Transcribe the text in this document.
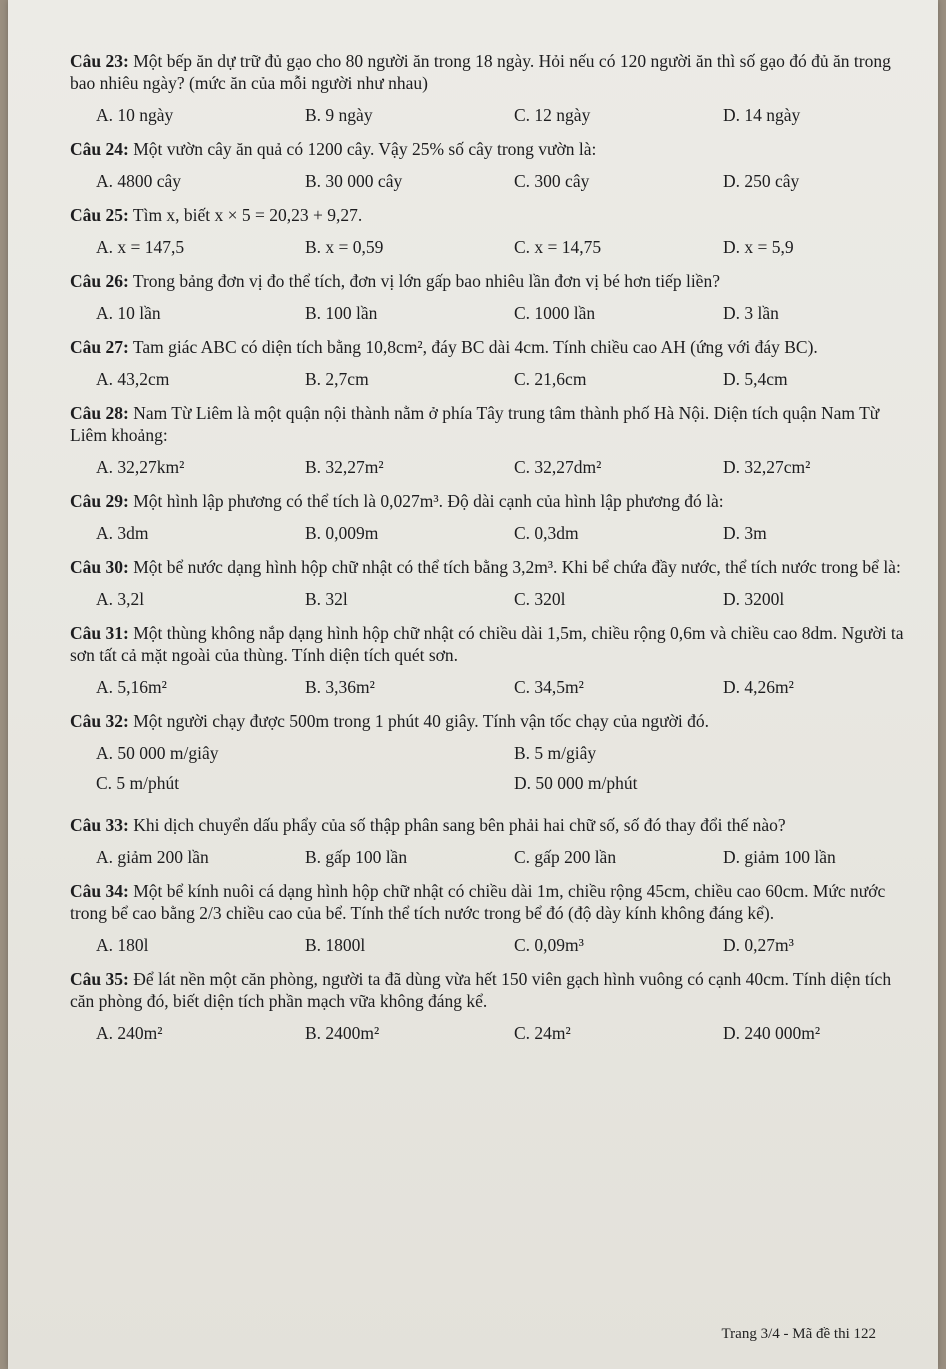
Câu 23: Một bếp ăn dự trữ đủ gạo cho 80 người ăn trong 18 ngày. Hỏi nếu có 120 người ăn thì số gạo đó đủ ăn trong bao nhiêu ngày? (mức ăn của mỗi người như nhau)
A. 10 ngày	B. 9 ngày	C. 12 ngày	D. 14 ngày
Câu 24: Một vườn cây ăn quả có 1200 cây. Vậy 25% số cây trong vườn là:
A. 4800 cây	B. 30 000 cây	C. 300 cây	D. 250 cây
Câu 25: Tìm x, biết x × 5 = 20,23 + 9,27.
A. x = 147,5	B. x = 0,59	C. x = 14,75	D. x = 5,9
Câu 26: Trong bảng đơn vị đo thể tích, đơn vị lớn gấp bao nhiêu lần đơn vị bé hơn tiếp liền?
A. 10 lần	B. 100 lần	C. 1000 lần	D. 3 lần
Câu 27: Tam giác ABC có diện tích bằng 10,8cm², đáy BC dài 4cm. Tính chiều cao AH (ứng với đáy BC).
A. 43,2cm	B. 2,7cm	C. 21,6cm	D. 5,4cm
Câu 28: Nam Từ Liêm là một quận nội thành nằm ở phía Tây trung tâm thành phố Hà Nội. Diện tích quận Nam Từ Liêm khoảng:
A. 32,27km²	B. 32,27m²	C. 32,27dm²	D. 32,27cm²
Câu 29: Một hình lập phương có thể tích là 0,027m³. Độ dài cạnh của hình lập phương đó là:
A. 3dm	B. 0,009m	C. 0,3dm	D. 3m
Câu 30: Một bể nước dạng hình hộp chữ nhật có thể tích bằng 3,2m³. Khi bể chứa đầy nước, thể tích nước trong bể là:
A. 3,2l	B. 32l	C. 320l	D. 3200l
Câu 31: Một thùng không nắp dạng hình hộp chữ nhật có chiều dài 1,5m, chiều rộng 0,6m và chiều cao 8dm. Người ta sơn tất cả mặt ngoài của thùng. Tính diện tích quét sơn.
A. 5,16m²	B. 3,36m²	C. 34,5m²	D. 4,26m²
Câu 32: Một người chạy được 500m trong 1 phút 40 giây. Tính vận tốc chạy của người đó.
A. 50 000 m/giây	B. 5 m/giây
C. 5 m/phút	D. 50 000 m/phút
Câu 33: Khi dịch chuyển dấu phẩy của số thập phân sang bên phải hai chữ số, số đó thay đổi thế nào?
A. giảm 200 lần	B. gấp 100 lần	C. gấp 200 lần	D. giảm 100 lần
Câu 34: Một bể kính nuôi cá dạng hình hộp chữ nhật có chiều dài 1m, chiều rộng 45cm, chiều cao 60cm. Mức nước trong bể cao bằng 2/3 chiều cao của bể. Tính thể tích nước trong bể đó (độ dày kính không đáng kể).
A. 180l	B. 1800l	C. 0,09m³	D. 0,27m³
Câu 35: Để lát nền một căn phòng, người ta đã dùng vừa hết 150 viên gạch hình vuông có cạnh 40cm. Tính diện tích căn phòng đó, biết diện tích phần mạch vữa không đáng kể.
A. 240m²	B. 2400m²	C. 24m²	D. 240 000m²
Trang 3/4 - Mã đề thi 122
